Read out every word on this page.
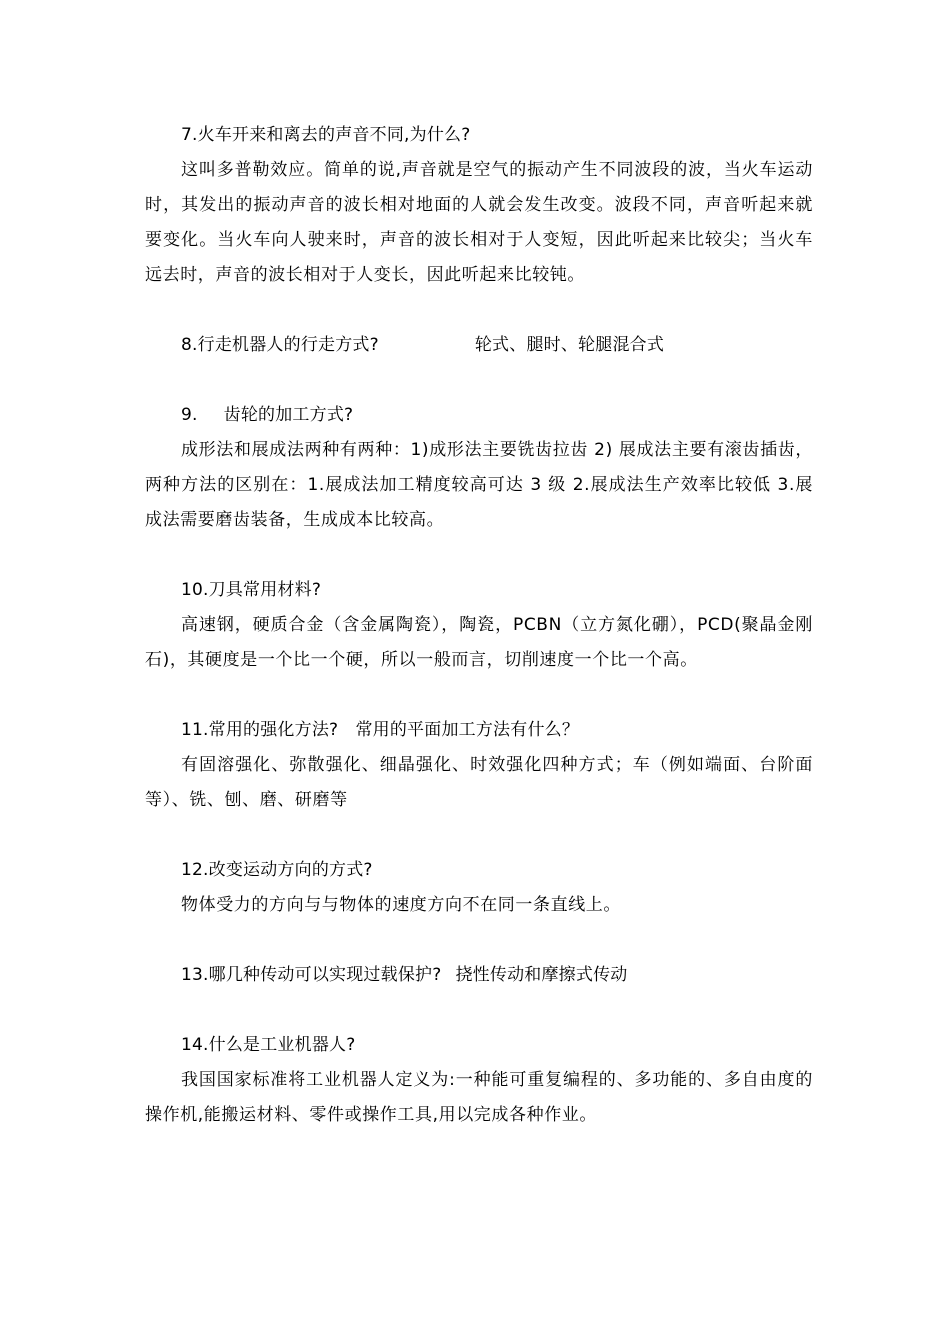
7.火车开来和离去的声音不同,为什么?

这叫多普勒效应。简单的说,声音就是空气的振动产生不同波段的波，当火车运动时，其发出的振动声音的波长相对地面的人就会发生改变。波段不同，声音听起来就要变化。当火车向人驶来时，声音的波长相对于人变短，因此听起来比较尖；当火车远去时，声音的波长相对于人变长，因此听起来比较钝。

8.行走机器人的行走方式?	轮式、腿时、轮腿混合式

9. 齿轮的加工方式?

成形法和展成法两种有两种：1)成形法主要铣齿拉齿 2) 展成法主要有滚齿插齿，两种方法的区别在：1.展成法加工精度较高可达 3 级 2.展成法生产效率比较低 3.展成法需要磨齿装备，生成成本比较高。

10.刀具常用材料?

高速钢，硬质合金（含金属陶瓷），陶瓷，PCBN（立方氮化硼），PCD(聚晶金刚石)，其硬度是一个比一个硬，所以一般而言，切削速度一个比一个高。

11.常用的强化方法?　常用的平面加工方法有什么？

有固溶强化、弥散强化、细晶强化、时效强化四种方式；车（例如端面、台阶面等）、铣、刨、磨、研磨等

12.改变运动方向的方式?

物体受力的方向与与物体的速度方向不在同一条直线上。

13.哪几种传动可以实现过载保护? 挠性传动和摩擦式传动

14.什么是工业机器人?

我国国家标准将工业机器人定义为:一种能可重复编程的、多功能的、多自由度的操作机,能搬运材料、零件或操作工具,用以完成各种作业。
